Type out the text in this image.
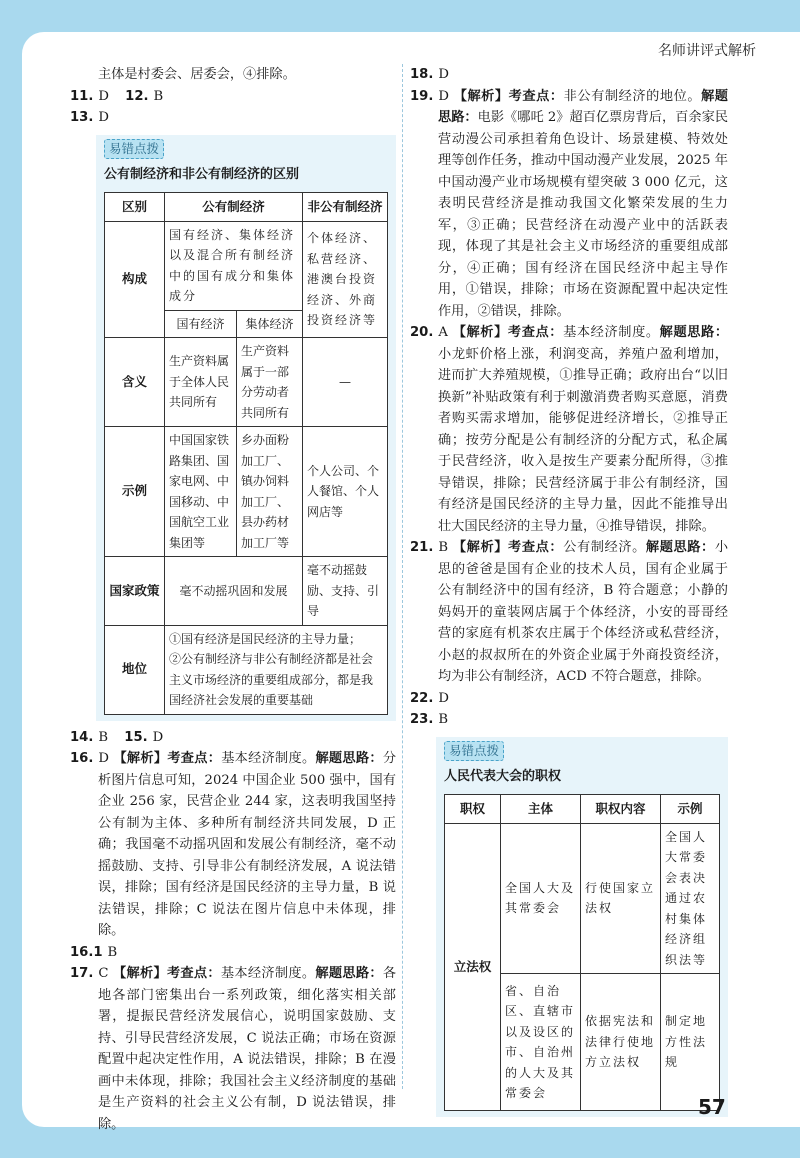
名师讲评式解析

主体是村委会、居委会，④排除。

11. D 12. B

13. D

易错点拨
公有制经济和非公有制经济的区别
区别	公有制经济		非公有制经济
构成	国有经济、集体经济以及混合所有制经济中的国有成分和集体成分		个体经济、私营经济、港澳台投资经济、外商投资经济等
	国有经济	集体经济	
含义	生产资料属于全体人民共同所有	生产资料属于一部分劳动者共同所有	—
示例	中国国家铁路集团、国家电网、中国移动、中国航空工业集团等	乡办面粉加工厂、镇办饲料加工厂、县办药材加工厂等	个人公司、个人餐馆、个人网店等
国家政策	毫不动摇巩固和发展		毫不动摇鼓励、支持、引导
地位	①国有经济是国民经济的主导力量；
②公有制经济与非公有制经济都是社会主义市场经济的重要组成部分，都是我国经济社会发展的重要基础		

14. B 15. D

16. D 【解析】考查点：基本经济制度。解题思路：分析图片信息可知，2024 中国企业 500 强中，国有企业 256 家，民营企业 244 家，这表明我国坚持公有制为主体、多种所有制经济共同发展，D 正确；我国毫不动摇巩固和发展公有制经济，毫不动摇鼓励、支持、引导非公有制经济发展，A 说法错误，排除；国有经济是国民经济的主导力量，B 说法错误，排除；C 说法在图片信息中未体现，排除。

16.1 B

17. C 【解析】考查点：基本经济制度。解题思路：各地各部门密集出台一系列政策，细化落实相关部署，提振民营经济发展信心，说明国家鼓励、支持、引导民营经济发展，C 说法正确；市场在资源配置中起决定性作用，A 说法错误，排除；B 在漫画中未体现，排除；我国社会主义经济制度的基础是生产资料的社会主义公有制，D 说法错误，排除。

18. D

19. D 【解析】考查点：非公有制经济的地位。解题思路：电影《哪吒 2》超百亿票房背后，百余家民营动漫公司承担着角色设计、场景建模、特效处理等创作任务，推动中国动漫产业发展，2025 年中国动漫产业市场规模有望突破 3 000 亿元，这表明民营经济是推动我国文化繁荣发展的生力军，③正确；民营经济在动漫产业中的活跃表现，体现了其是社会主义市场经济的重要组成部分，④正确；国有经济在国民经济中起主导作用，①错误，排除；市场在资源配置中起决定性作用，②错误，排除。

20. A 【解析】考查点：基本经济制度。解题思路：小龙虾价格上涨，利润变高，养殖户盈利增加，进而扩大养殖规模，①推导正确；政府出台“以旧换新”补贴政策有利于刺激消费者购买意愿，消费者购买需求增加，能够促进经济增长，②推导正确；按劳分配是公有制经济的分配方式，私企属于民营经济，收入是按生产要素分配所得，③推导错误，排除；民营经济属于非公有制经济，国有经济是国民经济的主导力量，因此不能推导出壮大国民经济的主导力量，④推导错误，排除。

21. B 【解析】考查点：公有制经济。解题思路：小思的爸爸是国有企业的技术人员，国有企业属于公有制经济中的国有经济，B 符合题意；小静的妈妈开的童装网店属于个体经济，小安的哥哥经营的家庭有机茶农庄属于个体经济或私营经济，小赵的叔叔所在的外资企业属于外商投资经济，均为非公有制经济，ACD 不符合题意，排除。

22. D

23. B

易错点拨
人民代表大会的职权
职权	主体	职权内容	示例
立法权	全国人大及其常委会	行使国家立法权	全国人大常委会表决通过农村集体经济组织法等
	省、自治区、直辖市以及设区的市、自治州的人大及其常委会	依据宪法和法律行使地方立法权	制定地方性法规
57
